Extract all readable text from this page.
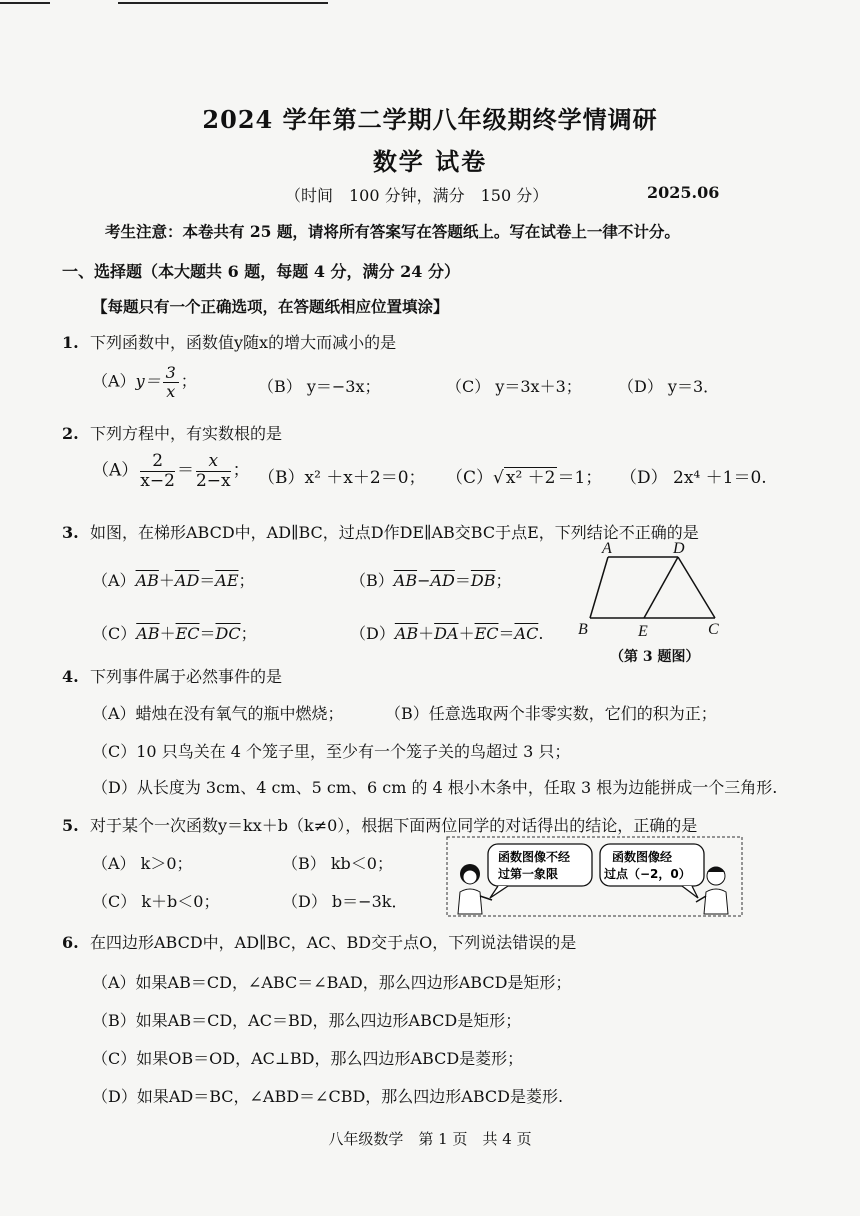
2024 学年第二学期八年级期终学情调研
数学 试卷
（时间　100 分钟，满分　150 分）	2025.06
考生注意：本卷共有 25 题，请将所有答案写在答题纸上。写在试卷上一律不计分。
一、选择题（本大题共 6 题，每题 4 分，满分 24 分）
【每题只有一个正确选项，在答题纸相应位置填涂】
1. 下列函数中，函数值y随x的增大而减小的是
$(A)y= \frac{3}{x}$ ；	（B） y＝−3x；	（C） y＝3x＋3； （D） y＝3．
2. 下列方程中，有实数根的是
$(A) \frac{2}{x-2} = \frac{x}{2-x}$ ； （B）x² ＋x＋2＝0； （C）√ x² ＋2 ＝1； （D） 2x⁴ ＋1＝0.
3. 如图，在梯形ABCD中，AD∥BC，过点D作DE∥AB交BC于点E，下列结论不正确的是
$(A)\overline{AB}+\overline{AD}=\overline{AE}$；	$(B)\overline{AB}-\overline{AD}=\overline{DB}$；
$(C)\overline{AB}+\overline{EC}=\overline{DC}$；	$(D)\overline{AB}+\overline{DA}+\overline{EC}=\overline{AC}$.
A	D
B	E	C
（第 3 题图）
4. 下列事件属于必然事件的是
（A）蜡烛在没有氧气的瓶中燃烧；	（B）任意选取两个非零实数，它们的积为正；
（C）10 只鸟关在 4 个笼子里，至少有一个笼子关的鸟超过 3 只；
（D）从长度为 3cm、4 cm、5 cm、6 cm 的 4 根小木条中，任取 3 根为边能拼成一个三角形.
5. 对于某个一次函数y＝kx＋b（k≠0），根据下面两位同学的对话得出的结论，正确的是
（A） k＞0；	（B） kb＜0；
（C） k＋b＜0；	（D） b＝−3k．
函数图像不经
过第一象限
函数图像经
过点（−2，0）
6. 在四边形ABCD中，AD∥BC，AC、BD交于点O，下列说法错误的是
（A）如果AB＝CD，∠ABC＝∠BAD，那么四边形ABCD是矩形；
（B）如果AB＝CD，AC＝BD，那么四边形ABCD是矩形；
（C）如果OB＝OD，AC⊥BD，那么四边形ABCD是菱形；
（D）如果AD＝BC，∠ABD＝∠CBD，那么四边形ABCD是菱形.
八年级数学　第 1 页　共 4 页
